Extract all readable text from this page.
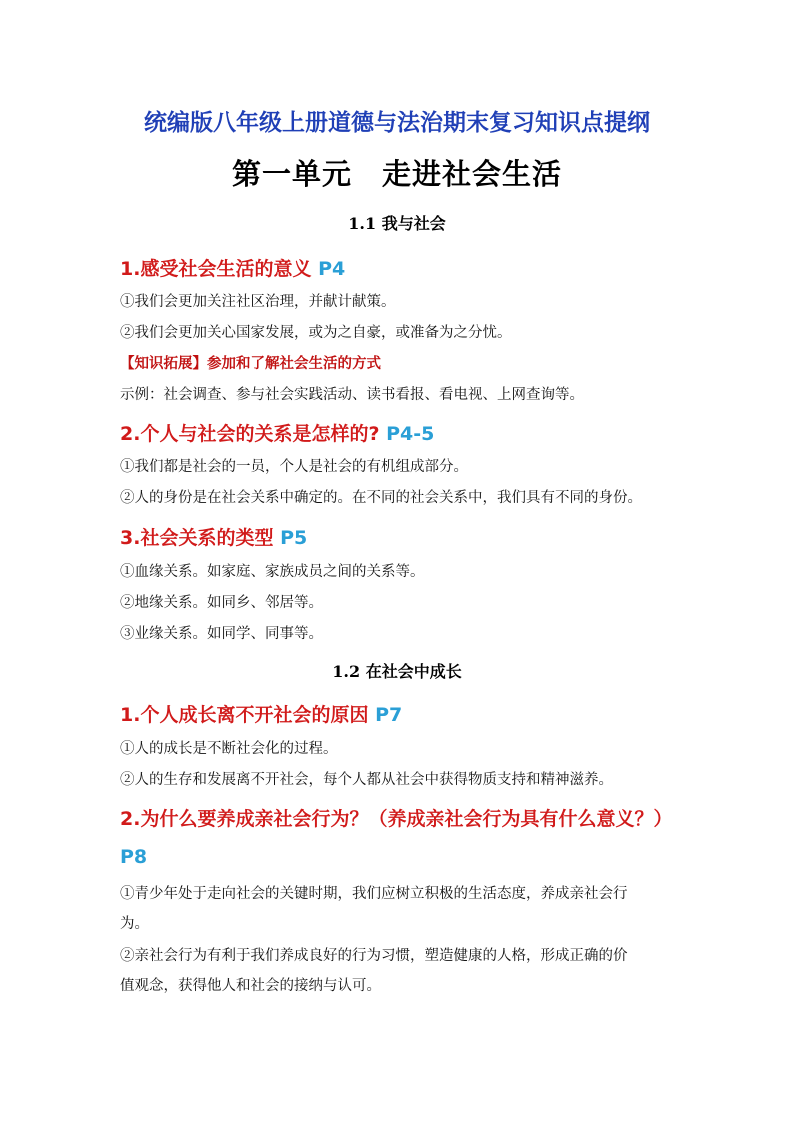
统编版八年级上册道德与法治期末复习知识点提纲
第一单元　走进社会生活
1.1 我与社会
1.感受社会生活的意义 P4
①我们会更加关注社区治理，并献计献策。
②我们会更加关心国家发展，或为之自豪，或准备为之分忧。
【知识拓展】参加和了解社会生活的方式
示例：社会调查、参与社会实践活动、读书看报、看电视、上网查询等。
2.个人与社会的关系是怎样的? P4-5
①我们都是社会的一员，个人是社会的有机组成部分。
②人的身份是在社会关系中确定的。在不同的社会关系中，我们具有不同的身份。
3.社会关系的类型 P5
①血缘关系。如家庭、家族成员之间的关系等。
②地缘关系。如同乡、邻居等。
③业缘关系。如同学、同事等。
1.2 在社会中成长
1.个人成长离不开社会的原因 P7
①人的成长是不断社会化的过程。
②人的生存和发展离不开社会，每个人都从社会中获得物质支持和精神滋养。
2.为什么要养成亲社会行为？（养成亲社会行为具有什么意义？）
P8
①青少年处于走向社会的关键时期，我们应树立积极的生活态度，养成亲社会行
为。
②亲社会行为有利于我们养成良好的行为习惯，塑造健康的人格，形成正确的价
值观念，获得他人和社会的接纳与认可。
